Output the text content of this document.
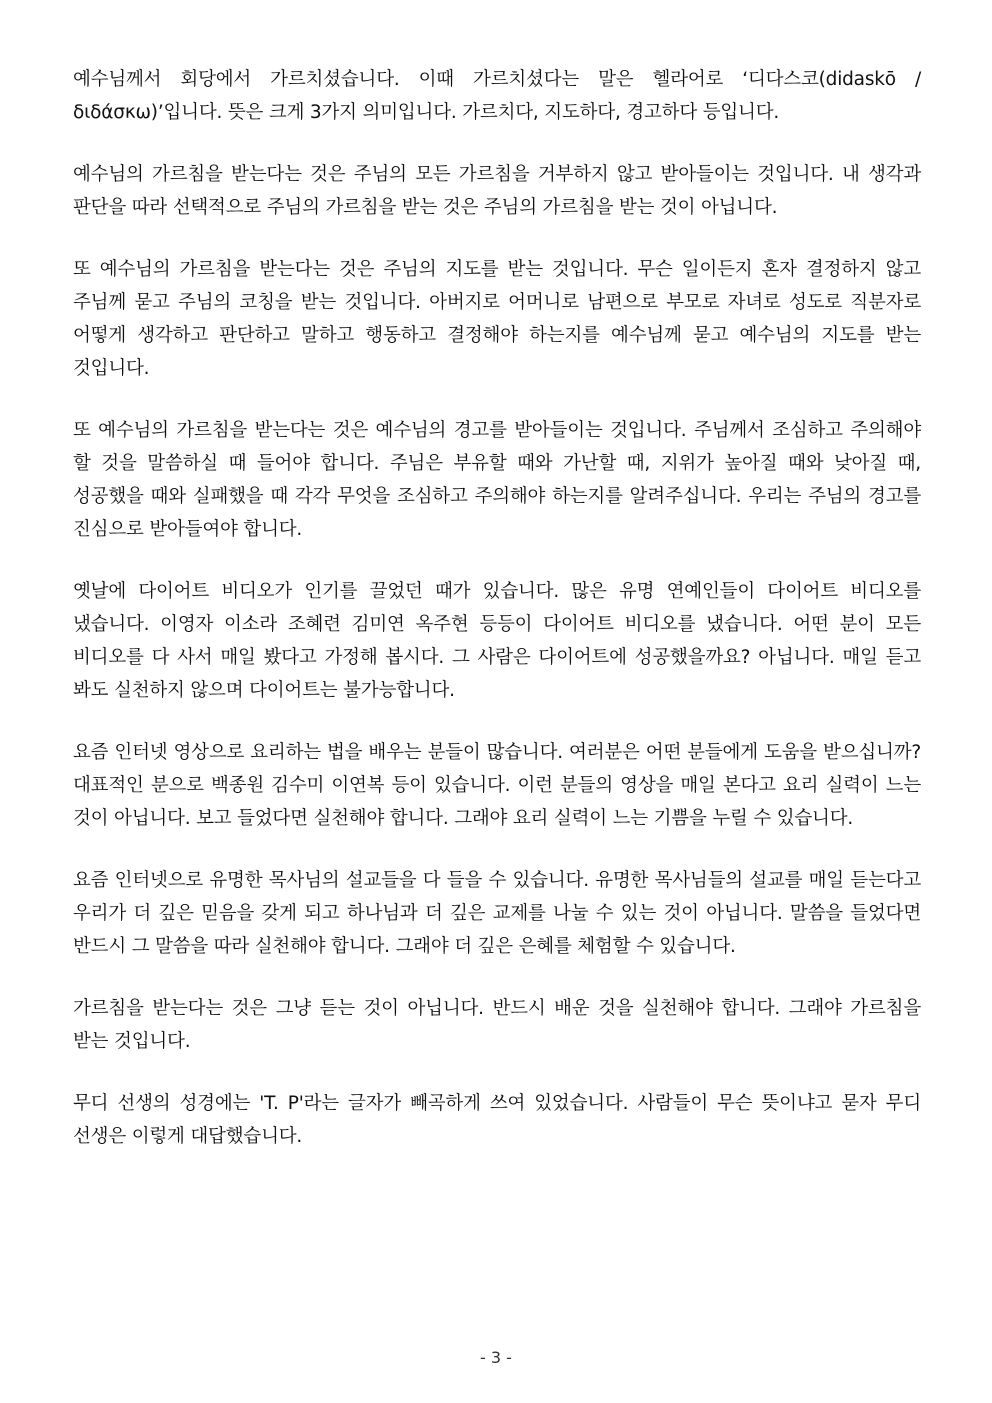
예수님께서 회당에서 가르치셨습니다. 이때 가르치셨다는 말은 헬라어로 ‘디다스코(didaskō / διδάσκω)’입니다. 뜻은 크게 3가지 의미입니다. 가르치다, 지도하다, 경고하다 등입니다.

예수님의 가르침을 받는다는 것은 주님의 모든 가르침을 거부하지 않고 받아들이는 것입니다. 내 생각과 판단을 따라 선택적으로 주님의 가르침을 받는 것은 주님의 가르침을 받는 것이 아닙니다.

또 예수님의 가르침을 받는다는 것은 주님의 지도를 받는 것입니다. 무슨 일이든지 혼자 결정하지 않고 주님께 묻고 주님의 코칭을 받는 것입니다. 아버지로 어머니로 남편으로 부모로 자녀로 성도로 직분자로 어떻게 생각하고 판단하고 말하고 행동하고 결정해야 하는지를 예수님께 묻고 예수님의 지도를 받는 것입니다.

또 예수님의 가르침을 받는다는 것은 예수님의 경고를 받아들이는 것입니다. 주님께서 조심하고 주의해야 할 것을 말씀하실 때 들어야 합니다. 주님은 부유할 때와 가난할 때, 지위가 높아질 때와 낮아질 때, 성공했을 때와 실패했을 때 각각 무엇을 조심하고 주의해야 하는지를 알려주십니다. 우리는 주님의 경고를 진심으로 받아들여야 합니다.

옛날에 다이어트 비디오가 인기를 끌었던 때가 있습니다. 많은 유명 연예인들이 다이어트 비디오를 냈습니다. 이영자 이소라 조혜련 김미연 옥주현 등등이 다이어트 비디오를 냈습니다. 어떤 분이 모든 비디오를 다 사서 매일 봤다고 가정해 봅시다. 그 사람은 다이어트에 성공했을까요? 아닙니다. 매일 듣고 봐도 실천하지 않으며 다이어트는 불가능합니다.

요즘 인터넷 영상으로 요리하는 법을 배우는 분들이 많습니다. 여러분은 어떤 분들에게 도움을 받으십니까? 대표적인 분으로 백종원 김수미 이연복 등이 있습니다. 이런 분들의 영상을 매일 본다고 요리 실력이 느는 것이 아닙니다. 보고 들었다면 실천해야 합니다. 그래야 요리 실력이 느는 기쁨을 누릴 수 있습니다.

요즘 인터넷으로 유명한 목사님의 설교들을 다 들을 수 있습니다. 유명한 목사님들의 설교를 매일 듣는다고 우리가 더 깊은 믿음을 갖게 되고 하나님과 더 깊은 교제를 나눌 수 있는 것이 아닙니다. 말씀을 들었다면 반드시 그 말씀을 따라 실천해야 합니다. 그래야 더 깊은 은혜를 체험할 수 있습니다.

가르침을 받는다는 것은 그냥 듣는 것이 아닙니다. 반드시 배운 것을 실천해야 합니다. 그래야 가르침을 받는 것입니다.

무디 선생의 성경에는 'T. P'라는 글자가 빼곡하게 쓰여 있었습니다. 사람들이 무슨 뜻이냐고 묻자 무디 선생은 이렇게 대답했습니다.

- 3 -
